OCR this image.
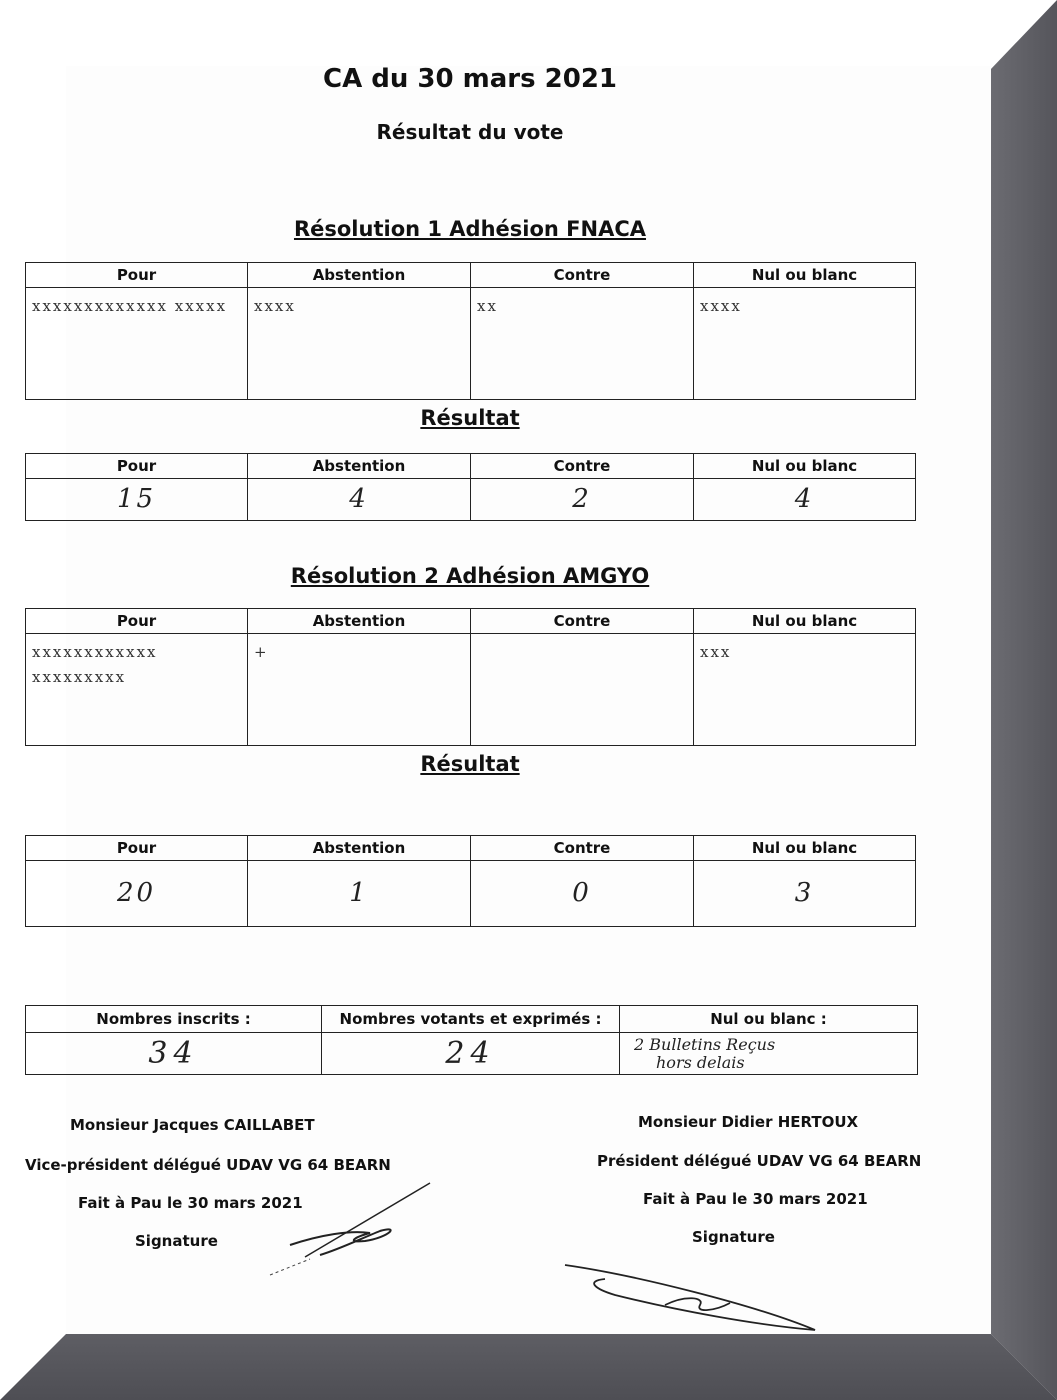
CA du 30 mars 2021
Résultat du vote
Résolution 1 Adhésion FNACA
Pour	Abstention	Contre	Nul ou blanc
xxxxxxxxxxxxx xxxxx	xxxx	xx	xxxx
Résultat
Pour	Abstention	Contre	Nul ou blanc
15	4	2	4
Résolution 2 Adhésion AMGYO
Pour	Abstention	Contre	Nul ou blanc
xxxxxxxxxxxx xxxxxxxxx	+		xxx
Résultat
Pour	Abstention	Contre	Nul ou blanc
20	1	0	3
Nombres inscrits :	Nombres votants et exprimés :	Nul ou blanc :
34	24	2 Bulletins Reçus
hors delais
Monsieur Jacques CAILLABET
Vice-président délégué UDAV VG 64 BEARN
Fait à Pau le 30 mars 2021
Signature
Monsieur Didier HERTOUX
Président délégué UDAV VG 64 BEARN
Fait à Pau le 30 mars 2021
Signature
